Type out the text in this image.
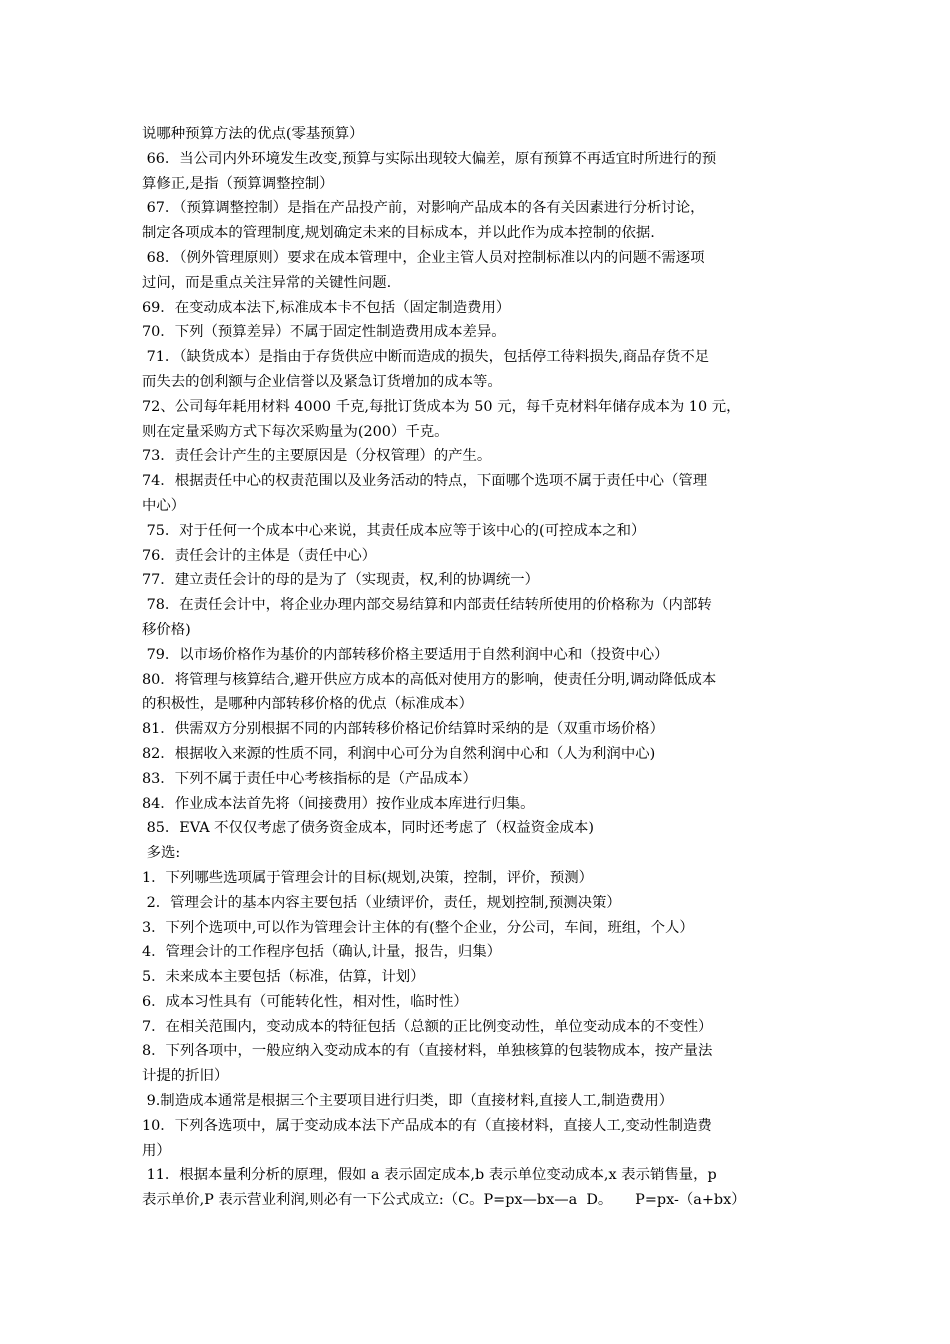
说哪种预算方法的优点(零基预算）
66．当公司内外环境发生改变,预算与实际出现较大偏差，原有预算不再适宜时所进行的预
算修正,是指（预算调整控制）
67．（预算调整控制）是指在产品投产前，对影响产品成本的各有关因素进行分析讨论，
制定各项成本的管理制度,规划确定未来的目标成本，并以此作为成本控制的依据.
68．（例外管理原则）要求在成本管理中，企业主管人员对控制标准以内的问题不需逐项
过问，而是重点关注异常的关键性问题.
69．在变动成本法下,标准成本卡不包括（固定制造费用）
70．下列（预算差异）不属于固定性制造费用成本差异。
71．（缺货成本）是指由于存货供应中断而造成的损失，包括停工待料损失,商品存货不足
而失去的创利额与企业信誉以及紧急订货增加的成本等。
72、公司每年耗用材料 4000 千克,每批订货成本为 50 元，每千克材料年储存成本为 10 元，
则在定量采购方式下每次采购量为(200）千克。
73．责任会计产生的主要原因是（分权管理）的产生。
74．根据责任中心的权责范围以及业务活动的特点，下面哪个选项不属于责任中心（管理
中心）
75．对于任何一个成本中心来说，其责任成本应等于该中心的(可控成本之和）
76．责任会计的主体是（责任中心）
77．建立责任会计的母的是为了（实现责，权,利的协调统一）
78．在责任会计中，将企业办理内部交易结算和内部责任结转所使用的价格称为（内部转
移价格)
79．以市场价格作为基价的内部转移价格主要适用于自然利润中心和（投资中心）
80．将管理与核算结合,避开供应方成本的高低对使用方的影响，使责任分明,调动降低成本
的积极性，是哪种内部转移价格的优点（标准成本）
81．供需双方分别根据不同的内部转移价格记价结算时采纳的是（双重市场价格）
82．根据收入来源的性质不同，利润中心可分为自然利润中心和（人为利润中心)
83．下列不属于责任中心考核指标的是（产品成本）
84．作业成本法首先将（间接费用）按作业成本库进行归集。
85．EVA 不仅仅考虑了债务资金成本，同时还考虑了（权益资金成本)
多选:
1．下列哪些选项属于管理会计的目标(规划,决策，控制，评价，预测）
2．管理会计的基本内容主要包括（业绩评价，责任，规划控制,预测决策）
3．下列个选项中,可以作为管理会计主体的有(整个企业，分公司，车间，班组，个人）
4．管理会计的工作程序包括（确认,计量，报告，归集）
5．未来成本主要包括（标准，估算，计划）
6．成本习性具有（可能转化性，相对性，临时性）
7．在相关范围内，变动成本的特征包括（总额的正比例变动性，单位变动成本的不变性）
8．下列各项中，一般应纳入变动成本的有（直接材料，单独核算的包装物成本，按产量法
计提的折旧）
9.制造成本通常是根据三个主要项目进行归类，即（直接材料,直接人工,制造费用）
10．下列各选项中，属于变动成本法下产品成本的有（直接材料，直接人工,变动性制造费
用）
11．根据本量利分析的原理，假如 a 表示固定成本,b 表示单位变动成本,x 表示销售量，p
表示单价,P 表示营业利润,则必有一下公式成立:（C。P=px—bx—a  D。     P=px-（a+bx）
